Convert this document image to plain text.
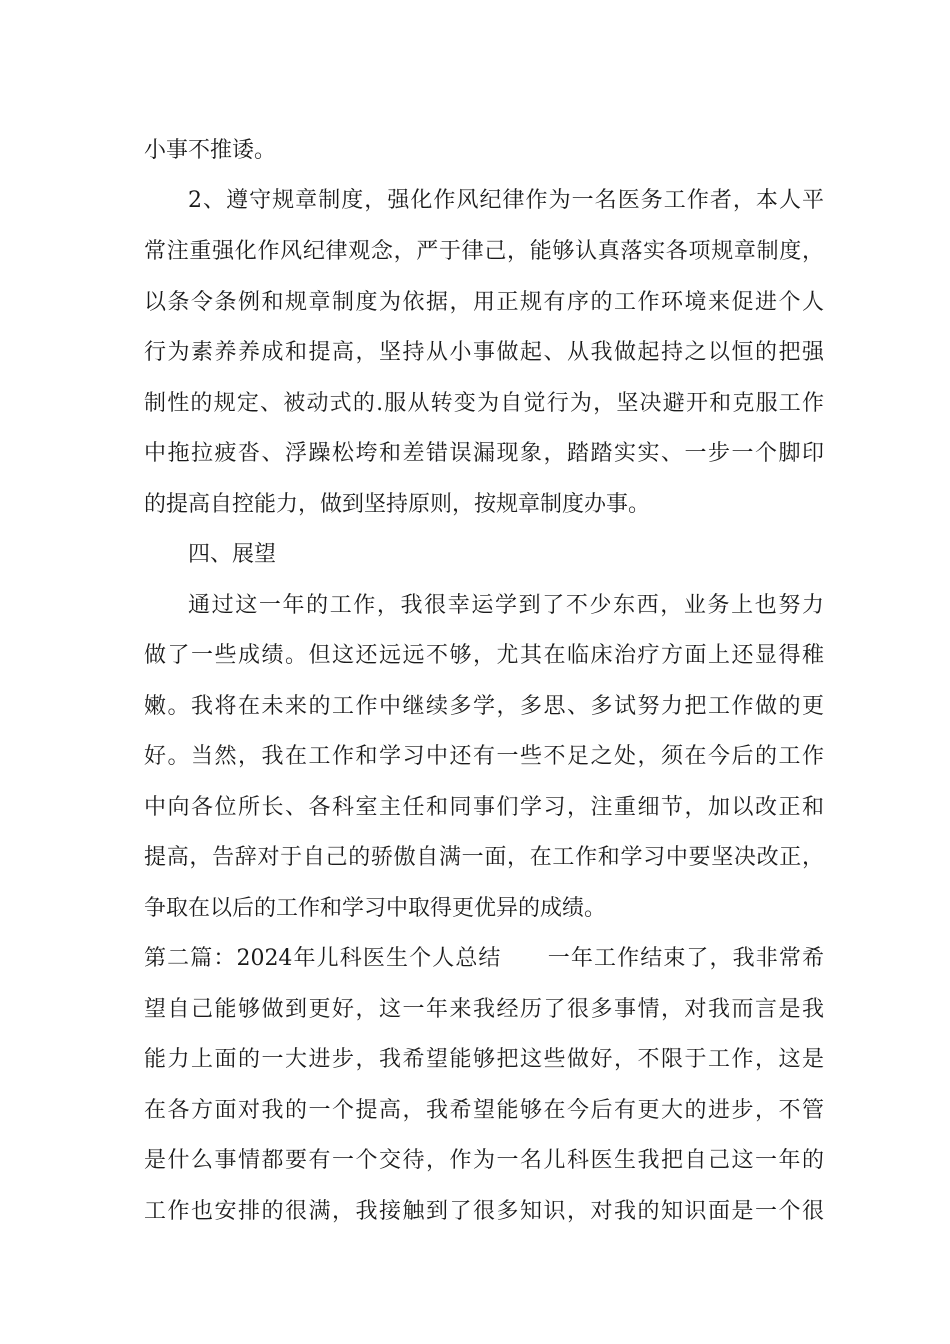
小事不推诿。
2、遵守规章制度，强化作风纪律作为一名医务工作者，本人平
常注重强化作风纪律观念，严于律己，能够认真落实各项规章制度，
以条令条例和规章制度为依据，用正规有序的工作环境来促进个人
行为素养养成和提高，坚持从小事做起、从我做起持之以恒的把强
制性的规定、被动式的.服从转变为自觉行为，坚决避开和克服工作
中拖拉疲沓、浮躁松垮和差错误漏现象，踏踏实实、一步一个脚印
的提高自控能力，做到坚持原则，按规章制度办事。
四、展望
通过这一年的工作，我很幸运学到了不少东西，业务上也努力
做了一些成绩。但这还远远不够，尤其在临床治疗方面上还显得稚
嫩。我将在未来的工作中继续多学，多思、多试努力把工作做的更
好。当然，我在工作和学习中还有一些不足之处，须在今后的工作
中向各位所长、各科室主任和同事们学习，注重细节，加以改正和
提高，告辞对于自己的骄傲自满一面，在工作和学习中要坚决改正，
争取在以后的工作和学习中取得更优异的成绩。
第二篇：2024年儿科医生个人总结　　一年工作结束了，我非常希
望自己能够做到更好，这一年来我经历了很多事情，对我而言是我
能力上面的一大进步，我希望能够把这些做好，不限于工作，这是
在各方面对我的一个提高，我希望能够在今后有更大的进步，不管
是什么事情都要有一个交待，作为一名儿科医生我把自己这一年的
工作也安排的很满，我接触到了很多知识，对我的知识面是一个很
